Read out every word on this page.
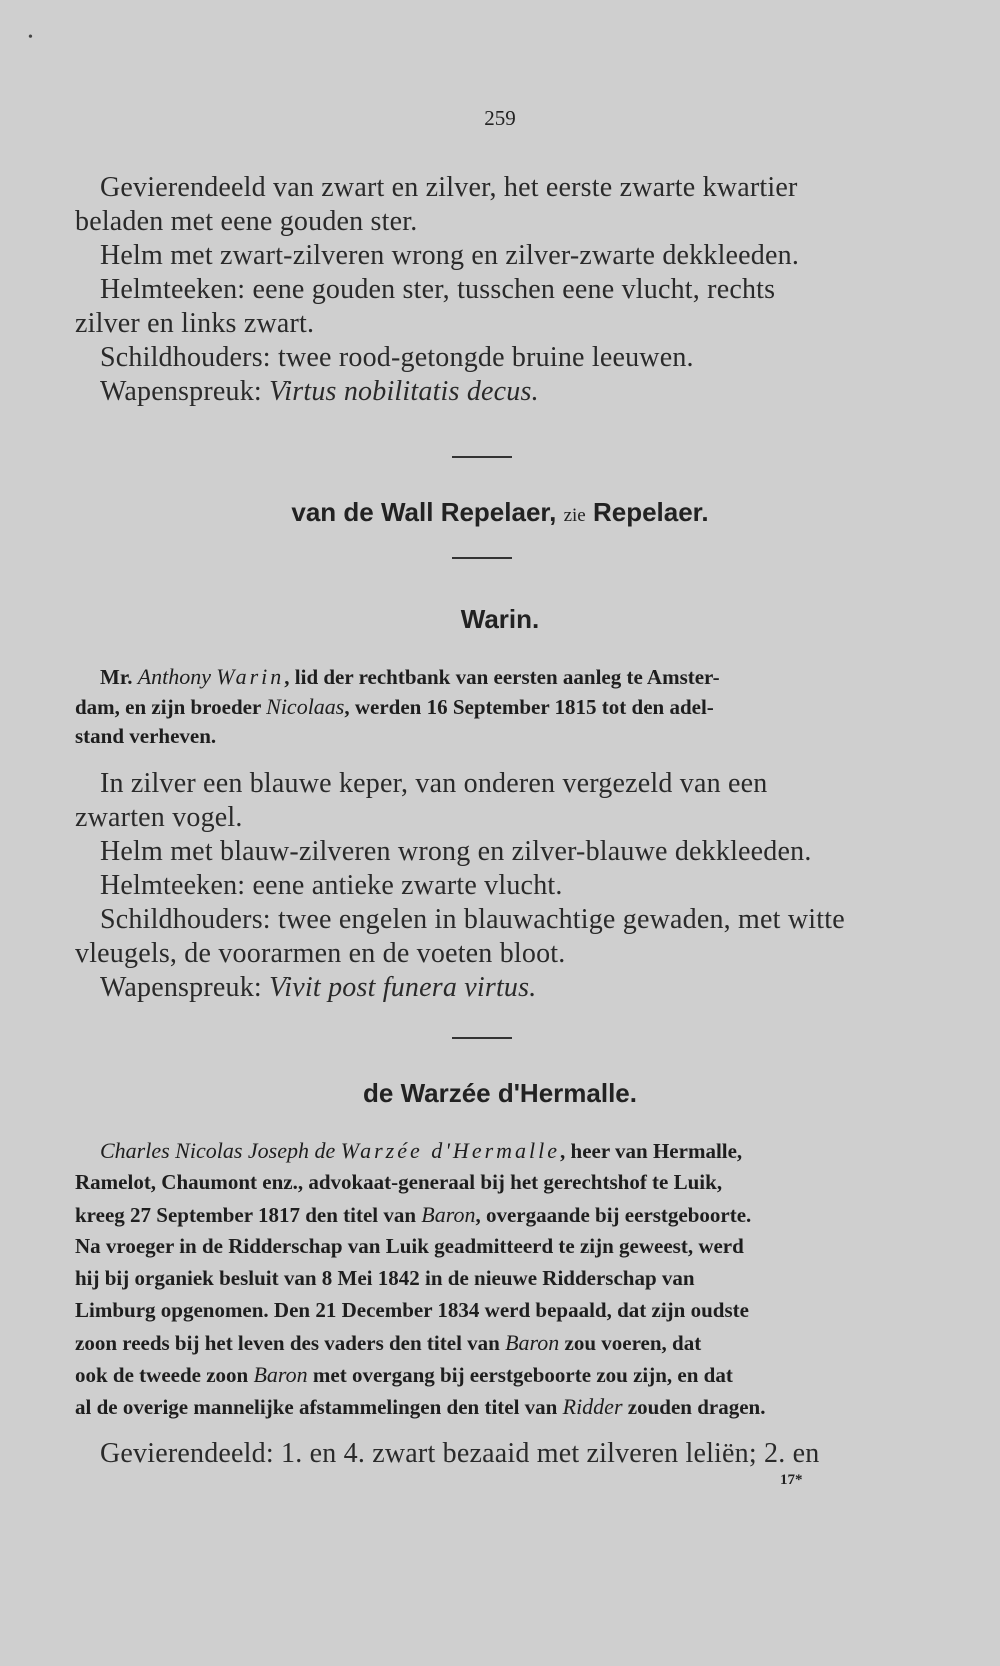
•
259
Gevierendeeld van zwart en zilver, het eerste zwarte kwartier
beladen met eene gouden ster.
Helm met zwart-zilveren wrong en zilver-zwarte dekkleeden.
Helmteeken: eene gouden ster, tusschen eene vlucht, rechts
zilver en links zwart.
Schildhouders: twee rood-getongde bruine leeuwen.
Wapenspreuk: Virtus nobilitatis decus.
van de Wall Repelaer, zie Repelaer.
Warin.
Mr. Anthony Warin, lid der rechtbank van eersten aanleg te Amster-
dam, en zijn broeder Nicolaas, werden 16 September 1815 tot den adel-
stand verheven.
In zilver een blauwe keper, van onderen vergezeld van een
zwarten vogel.
Helm met blauw-zilveren wrong en zilver-blauwe dekkleeden.
Helmteeken: eene antieke zwarte vlucht.
Schildhouders: twee engelen in blauwachtige gewaden, met witte
vleugels, de voorarmen en de voeten bloot.
Wapenspreuk: Vivit post funera virtus.
de Warzée d'Hermalle.
Charles Nicolas Joseph de Warzée d'Hermalle, heer van Hermalle,
Ramelot, Chaumont enz., advokaat-generaal bij het gerechtshof te Luik,
kreeg 27 September 1817 den titel van Baron, overgaande bij eerstgeboorte.
Na vroeger in de Ridderschap van Luik geadmitteerd te zijn geweest, werd
hij bij organiek besluit van 8 Mei 1842 in de nieuwe Ridderschap van
Limburg opgenomen. Den 21 December 1834 werd bepaald, dat zijn oudste
zoon reeds bij het leven des vaders den titel van Baron zou voeren, dat
ook de tweede zoon Baron met overgang bij eerstgeboorte zou zijn, en dat
al de overige mannelijke afstammelingen den titel van Ridder zouden dragen.
Gevierendeeld: 1. en 4. zwart bezaaid met zilveren leliën; 2. en
17*
